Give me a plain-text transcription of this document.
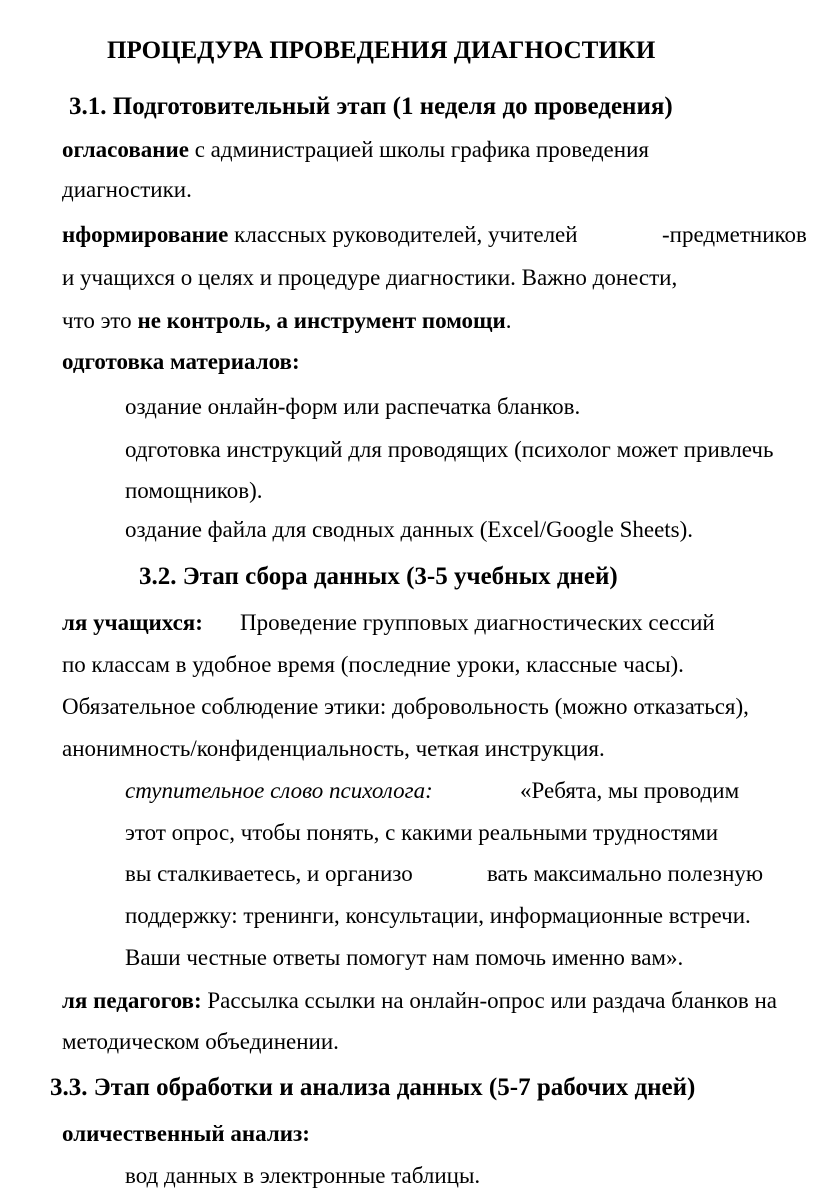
ПРОЦЕДУРА ПРОВЕДЕНИЯ ДИАГНОСТИКИ
3.1. Подготовительный этап (1 неделя до проведения)
огласование с администрацией школы графика проведения
диагностики.
нформирование классных руководителей, учителей	-предметников
и учащихся о целях и процедуре диагностики. Важно донести,
что это не контроль, а инструмент помощи.
одготовка материалов:
оздание онлайн-форм или распечатка бланков.
одготовка инструкций для проводящих (психолог может привлечь
помощников).
оздание файла для сводных данных (Excel/Google Sheets).
3.2. Этап сбора данных (3-5 учебных дней)
ля учащихся: Проведение групповых диагностических сессий
по классам в удобное время (последние уроки, классные часы).
Обязательное соблюдение этики: добровольность (можно отказаться),
анонимность/конфиденциальность, четкая инструкция.
ступительное слово психолога:	«Ребята, мы проводим
этот опрос, чтобы понять, с какими реальными трудностями
вы сталкиваетесь, и организо	вать максимально полезную
поддержку: тренинги, консультации, информационные встречи.
Ваши честные ответы помогут нам помочь именно вам».
ля педагогов: Рассылка ссылки на онлайн-опрос или раздача бланков на
методическом объединении.
3.3. Этап обработки и анализа данных (5-7 рабочих дней)
оличественный анализ:
вод данных в электронные таблицы.
